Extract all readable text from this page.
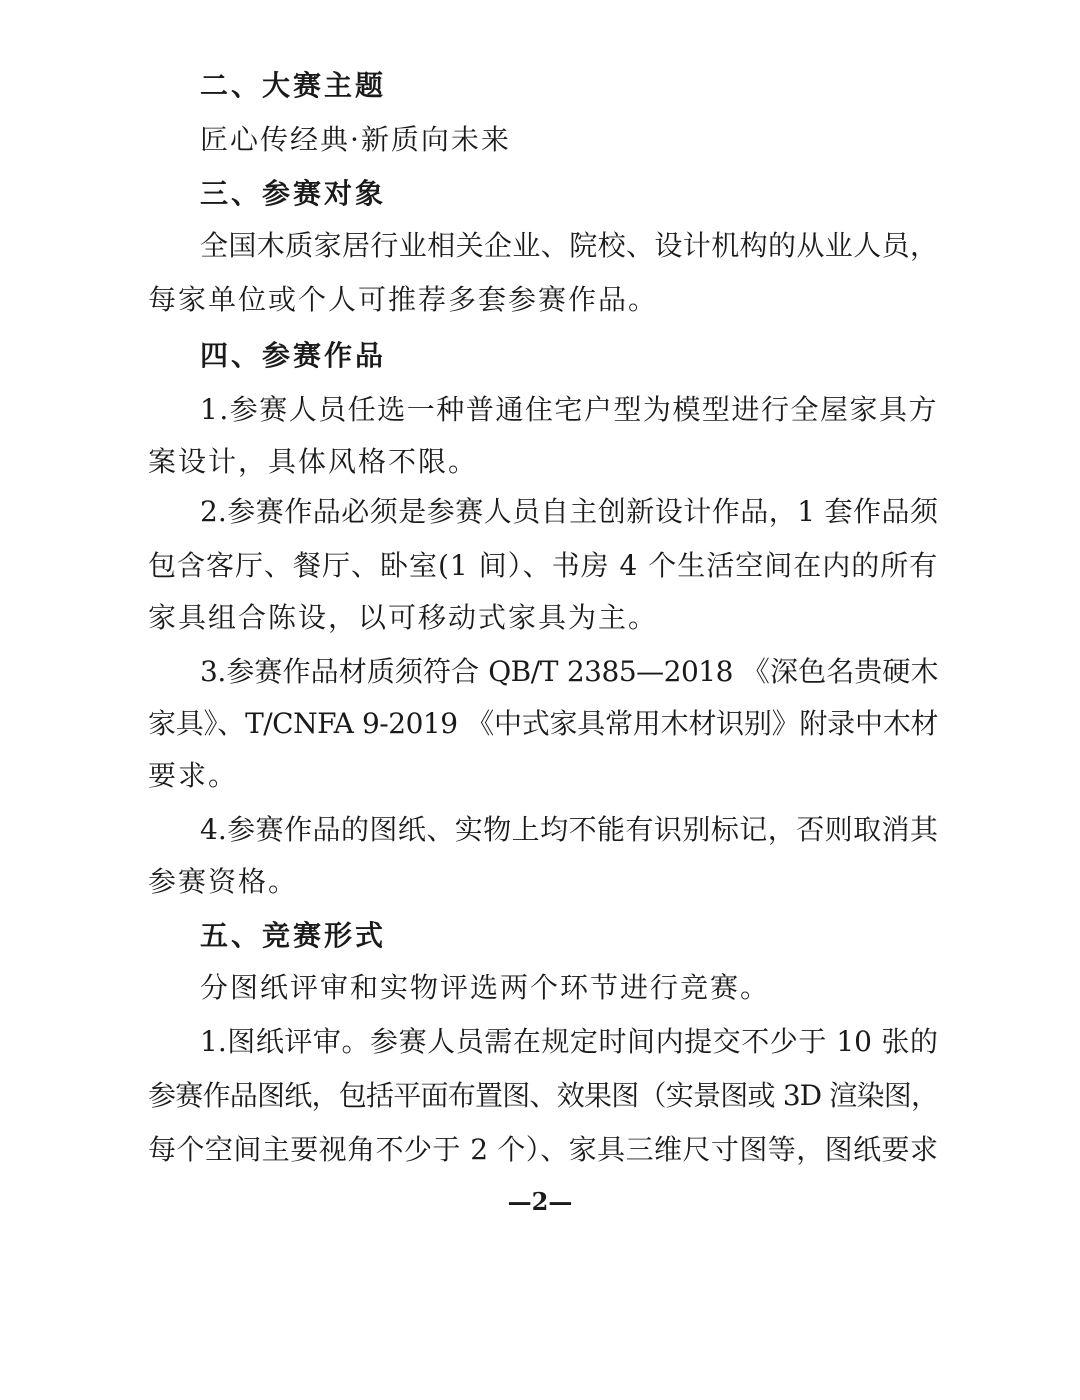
二、大赛主题
匠心传经典·新质向未来
三、参赛对象
全国木质家居行业相关企业、院校、设计机构的从业人员，
每家单位或个人可推荐多套参赛作品。
四、参赛作品
1.参赛人员任选一种普通住宅户型为模型进行全屋家具方
案设计，具体风格不限。
2.参赛作品必须是参赛人员自主创新设计作品，1 套作品须
包含客厅、餐厅、卧室(1 间）、书房 4 个生活空间在内的所有
家具组合陈设，以可移动式家具为主。
3.参赛作品材质须符合 QB/T 2385—2018 《深色名贵硬木
家具》、T/CNFA 9-2019 《中式家具常用木材识别》附录中木材
要求。
4.参赛作品的图纸、实物上均不能有识别标记，否则取消其
参赛资格。
五、竞赛形式
分图纸评审和实物评选两个环节进行竞赛。
1.图纸评审。参赛人员需在规定时间内提交不少于 10 张的
参赛作品图纸，包括平面布置图、效果图（实景图或 3D 渲染图，
每个空间主要视角不少于 2 个）、家具三维尺寸图等，图纸要求
—2—
